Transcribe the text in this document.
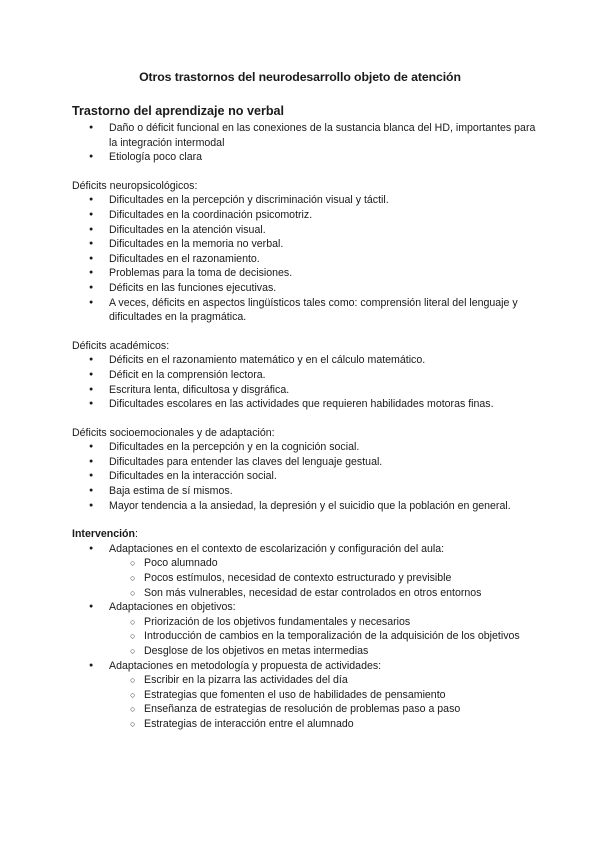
Otros trastornos del neurodesarrollo objeto de atención
Trastorno del aprendizaje no verbal
● Daño o déficit funcional en las conexiones de la sustancia blanca del HD, importantes para la integración intermodal
● Etiología poco clara

Déficits neuropsicológicos:

● Dificultades en la percepción y discriminación visual y táctil.
● Dificultades en la coordinación psicomotriz.
● Dificultades en la atención visual.
● Dificultades en la memoria no verbal.
● Dificultades en el razonamiento.
● Problemas para la toma de decisiones.
● Déficits en las funciones ejecutivas.
● A veces, déficits en aspectos lingüísticos tales como: comprensión literal del lenguaje y dificultades en la pragmática.

Déficits académicos:

● Déficits en el razonamiento matemático y en el cálculo matemático.
● Déficit en la comprensión lectora.
● Escritura lenta, dificultosa y disgráfica.
● Dificultades escolares en las actividades que requieren habilidades motoras finas.

Déficits socioemocionales y de adaptación:

● Dificultades en la percepción y en la cognición social.
● Dificultades para entender las claves del lenguaje gestual.
● Dificultades en la interacción social.
● Baja estima de sí mismos.
● Mayor tendencia a la ansiedad, la depresión y el suicidio que la población en general.

Intervención:

● Adaptaciones en el contexto de escolarización y configuración del aula:
○ Poco alumnado
○ Pocos estímulos, necesidad de contexto estructurado y previsible
○ Son más vulnerables, necesidad de estar controlados en otros entornos
● Adaptaciones en objetivos:
○ Priorización de los objetivos fundamentales y necesarios
○ Introducción de cambios en la temporalización de la adquisición de los objetivos
○ Desglose de los objetivos en metas intermedias
● Adaptaciones en metodología y propuesta de actividades:
○ Escribir en la pizarra las actividades del día
○ Estrategias que fomenten el uso de habilidades de pensamiento
○ Enseñanza de estrategias de resolución de problemas paso a paso
○ Estrategias de interacción entre el alumnado
